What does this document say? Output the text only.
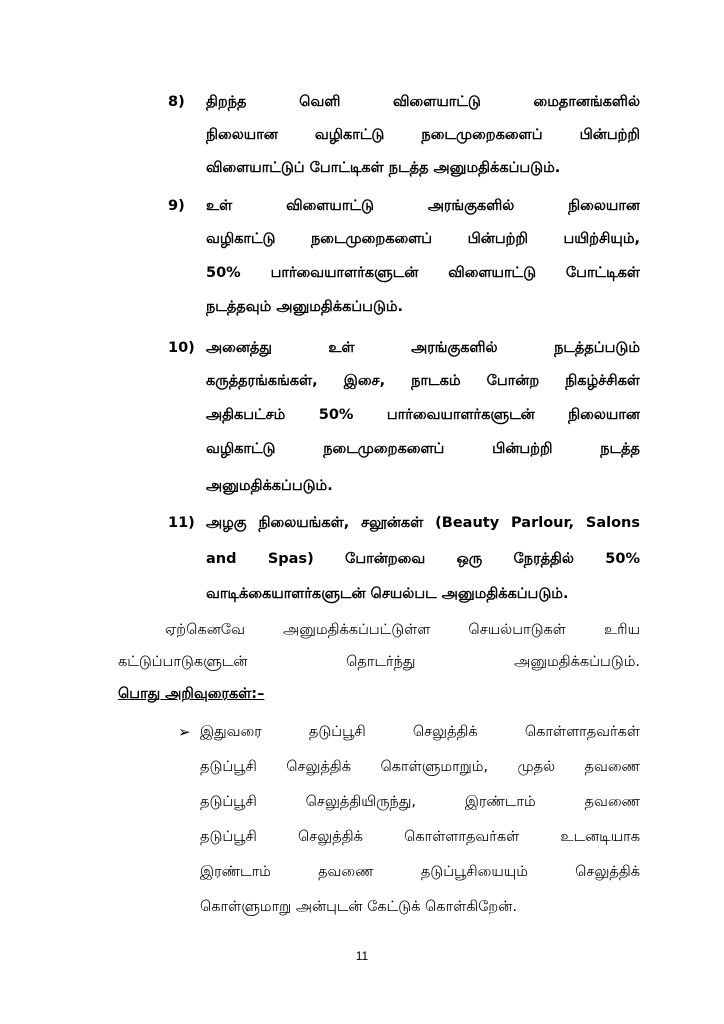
8) திறந்த வெளி விளையாட்டு மைதானங்களில்
நிலையான வழிகாட்டு நடைமுறைகளைப் பின்பற்றி
விளையாட்டுப் போட்டிகள் நடத்த அனுமதிக்கப்படும்.
9) உள் விளையாட்டு அரங்குகளில் நிலையான
வழிகாட்டு நடைமுறைகளைப் பின்பற்றி பயிற்சியும்,
50% பார்வையாளர்களுடன் விளையாட்டு போட்டிகள்
நடத்தவும் அனுமதிக்கப்படும்.
10) அனைத்து உள் அரங்குகளில் நடத்தப்படும்
கருத்தரங்கங்கள், இசை, நாடகம் போன்ற நிகழ்ச்சிகள்
அதிகபட்சம் 50% பார்வையாளர்களுடன் நிலையான
வழிகாட்டு நடைமுறைகளைப் பின்பற்றி நடத்த
அனுமதிக்கப்படும்.
11) அழகு நிலையங்கள், சலூன்கள் (Beauty Parlour, Salons
and Spas) போன்றவை ஒரு நேரத்தில் 50%
வாடிக்கையாளர்களுடன் செயல்பட அனுமதிக்கப்படும்.
ஏற்கெனவே அனுமதிக்கப்பட்டுள்ள செயல்பாடுகள் உரிய
கட்டுப்பாடுகளுடன் தொடர்ந்து அனுமதிக்கப்படும்.
பொது அறிவுரைகள்:–
➢ இதுவரை தடுப்பூசி செலுத்திக் கொள்ளாதவர்கள்
தடுப்பூசி செலுத்திக் கொள்ளுமாறும், முதல் தவணை
தடுப்பூசி செலுத்தியிருந்து, இரண்டாம் தவணை
தடுப்பூசி செலுத்திக் கொள்ளாதவர்கள் உடனடியாக
இரண்டாம் தவணை தடுப்பூசியையும் செலுத்திக்
கொள்ளுமாறு அன்புடன் கேட்டுக் கொள்கிறேன்.
11
